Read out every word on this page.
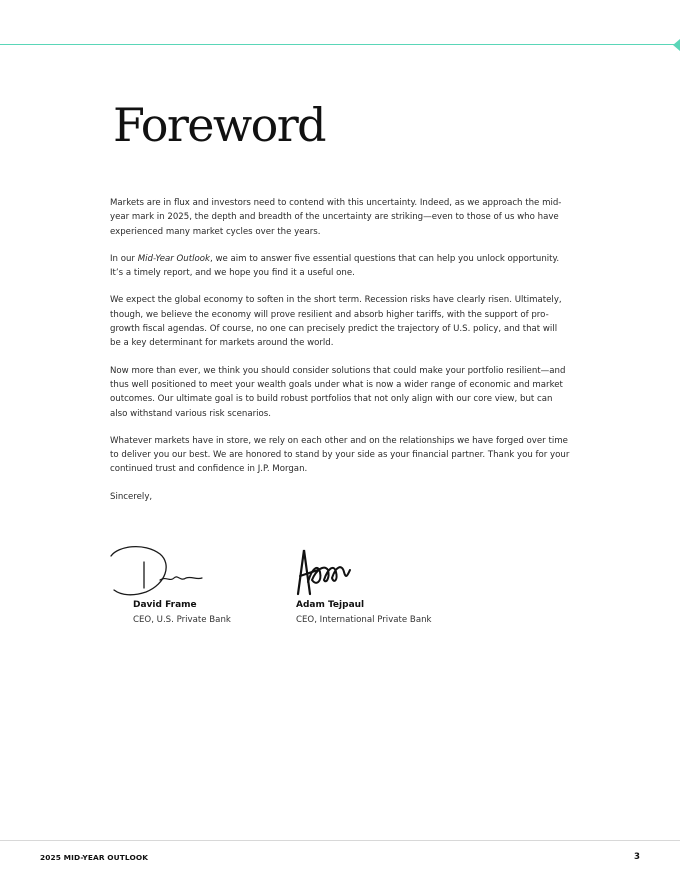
Foreword

Markets are in flux and investors need to contend with this uncertainty. Indeed, as we approach the mid-year mark in 2025, the depth and breadth of the uncertainty are striking—even to those of us who have experienced many market cycles over the years.

In our Mid-Year Outlook, we aim to answer five essential questions that can help you unlock opportunity. It’s a timely report, and we hope you find it a useful one.

We expect the global economy to soften in the short term. Recession risks have clearly risen. Ultimately, though, we believe the economy will prove resilient and absorb higher tariffs, with the support of pro-growth fiscal agendas. Of course, no one can precisely predict the trajectory of U.S. policy, and that will be a key determinant for markets around the world.

Now more than ever, we think you should consider solutions that could make your portfolio resilient—and thus well positioned to meet your wealth goals under what is now a wider range of economic and market outcomes. Our ultimate goal is to build robust portfolios that not only align with our core view, but can also withstand various risk scenarios.

Whatever markets have in store, we rely on each other and on the relationships we have forged over time to deliver you our best. We are honored to stand by your side as your financial partner. Thank you for your continued trust and confidence in J.P. Morgan.

Sincerely,

David Frame
CEO, U.S. Private Bank
Adam Tejpaul
CEO, International Private Bank
2025 MID-YEAR OUTLOOK	3
